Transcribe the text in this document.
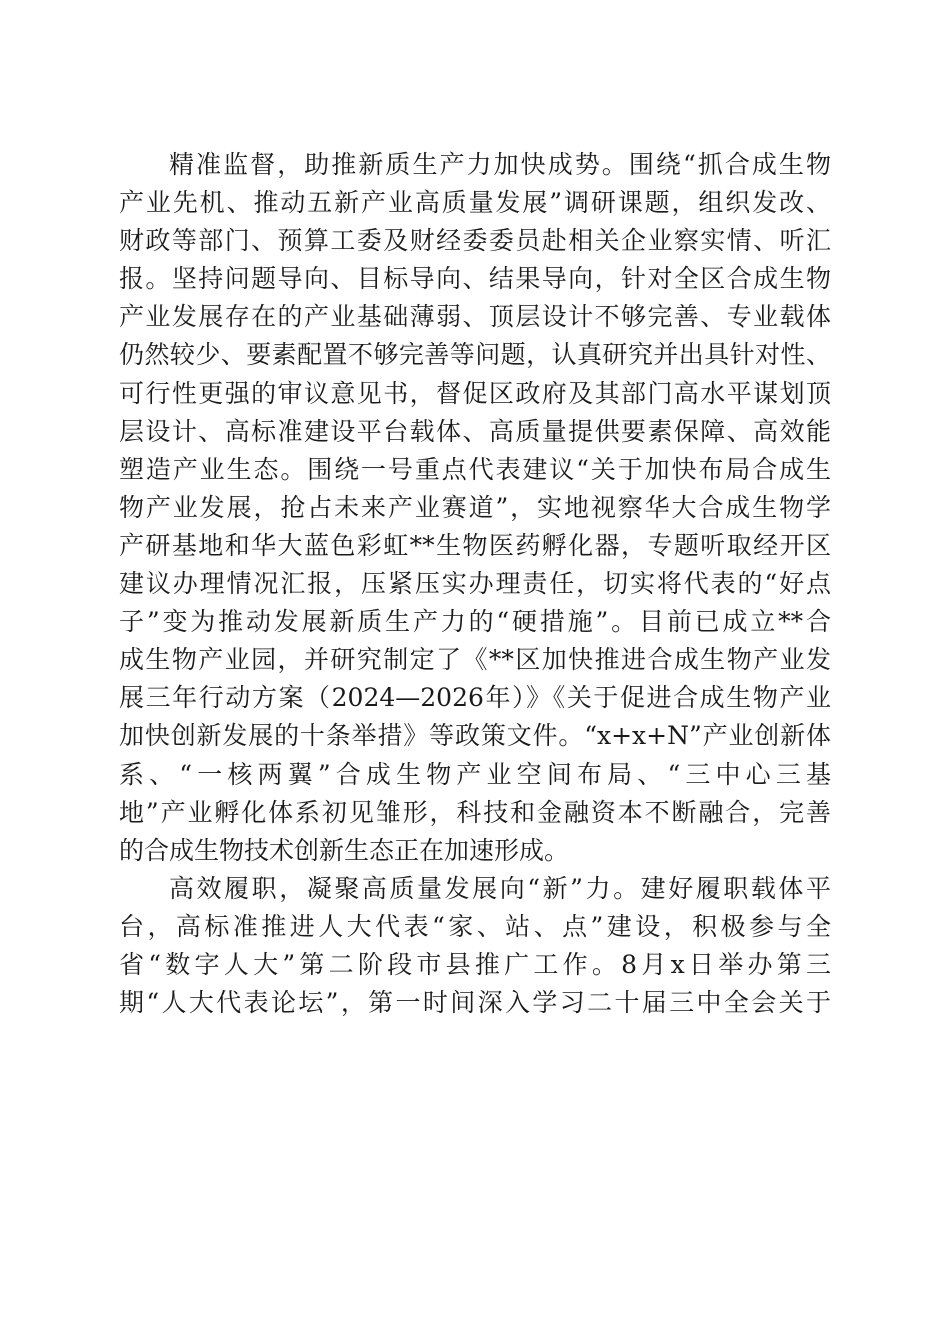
精准监督，助推新质生产力加快成势。围绕“抓合成生物
产业先机、推动五新产业高质量发展”调研课题，组织发改、
财政等部门、预算工委及财经委委员赴相关企业察实情、听汇
报。坚持问题导向、目标导向、结果导向，针对全区合成生物
产业发展存在的产业基础薄弱、顶层设计不够完善、专业载体
仍然较少、要素配置不够完善等问题，认真研究并出具针对性、
可行性更强的审议意见书，督促区政府及其部门高水平谋划顶
层设计、高标准建设平台载体、高质量提供要素保障、高效能
塑造产业生态。围绕一号重点代表建议“关于加快布局合成生
物产业发展，抢占未来产业赛道”，实地视察华大合成生物学
产研基地和华大蓝色彩虹**生物医药孵化器，专题听取经开区
建议办理情况汇报，压紧压实办理责任，切实将代表的“好点
子”变为推动发展新质生产力的“硬措施”。目前已成立**合
成生物产业园，并研究制定了《**区加快推进合成生物产业发
展三年行动方案（2024—2026年）》《关于促进合成生物产业
加快创新发展的十条举措》等政策文件。“x+x+N”产业创新体
系、“一核两翼”合成生物产业空间布局、“三中心三基
地”产业孵化体系初见雏形，科技和金融资本不断融合，完善
的合成生物技术创新生态正在加速形成。
高效履职，凝聚高质量发展向“新”力。建好履职载体平
台，高标准推进人大代表“家、站、点”建设，积极参与全
省“数字人大”第二阶段市县推广工作。8月x日举办第三
期“人大代表论坛”，第一时间深入学习二十届三中全会关于
